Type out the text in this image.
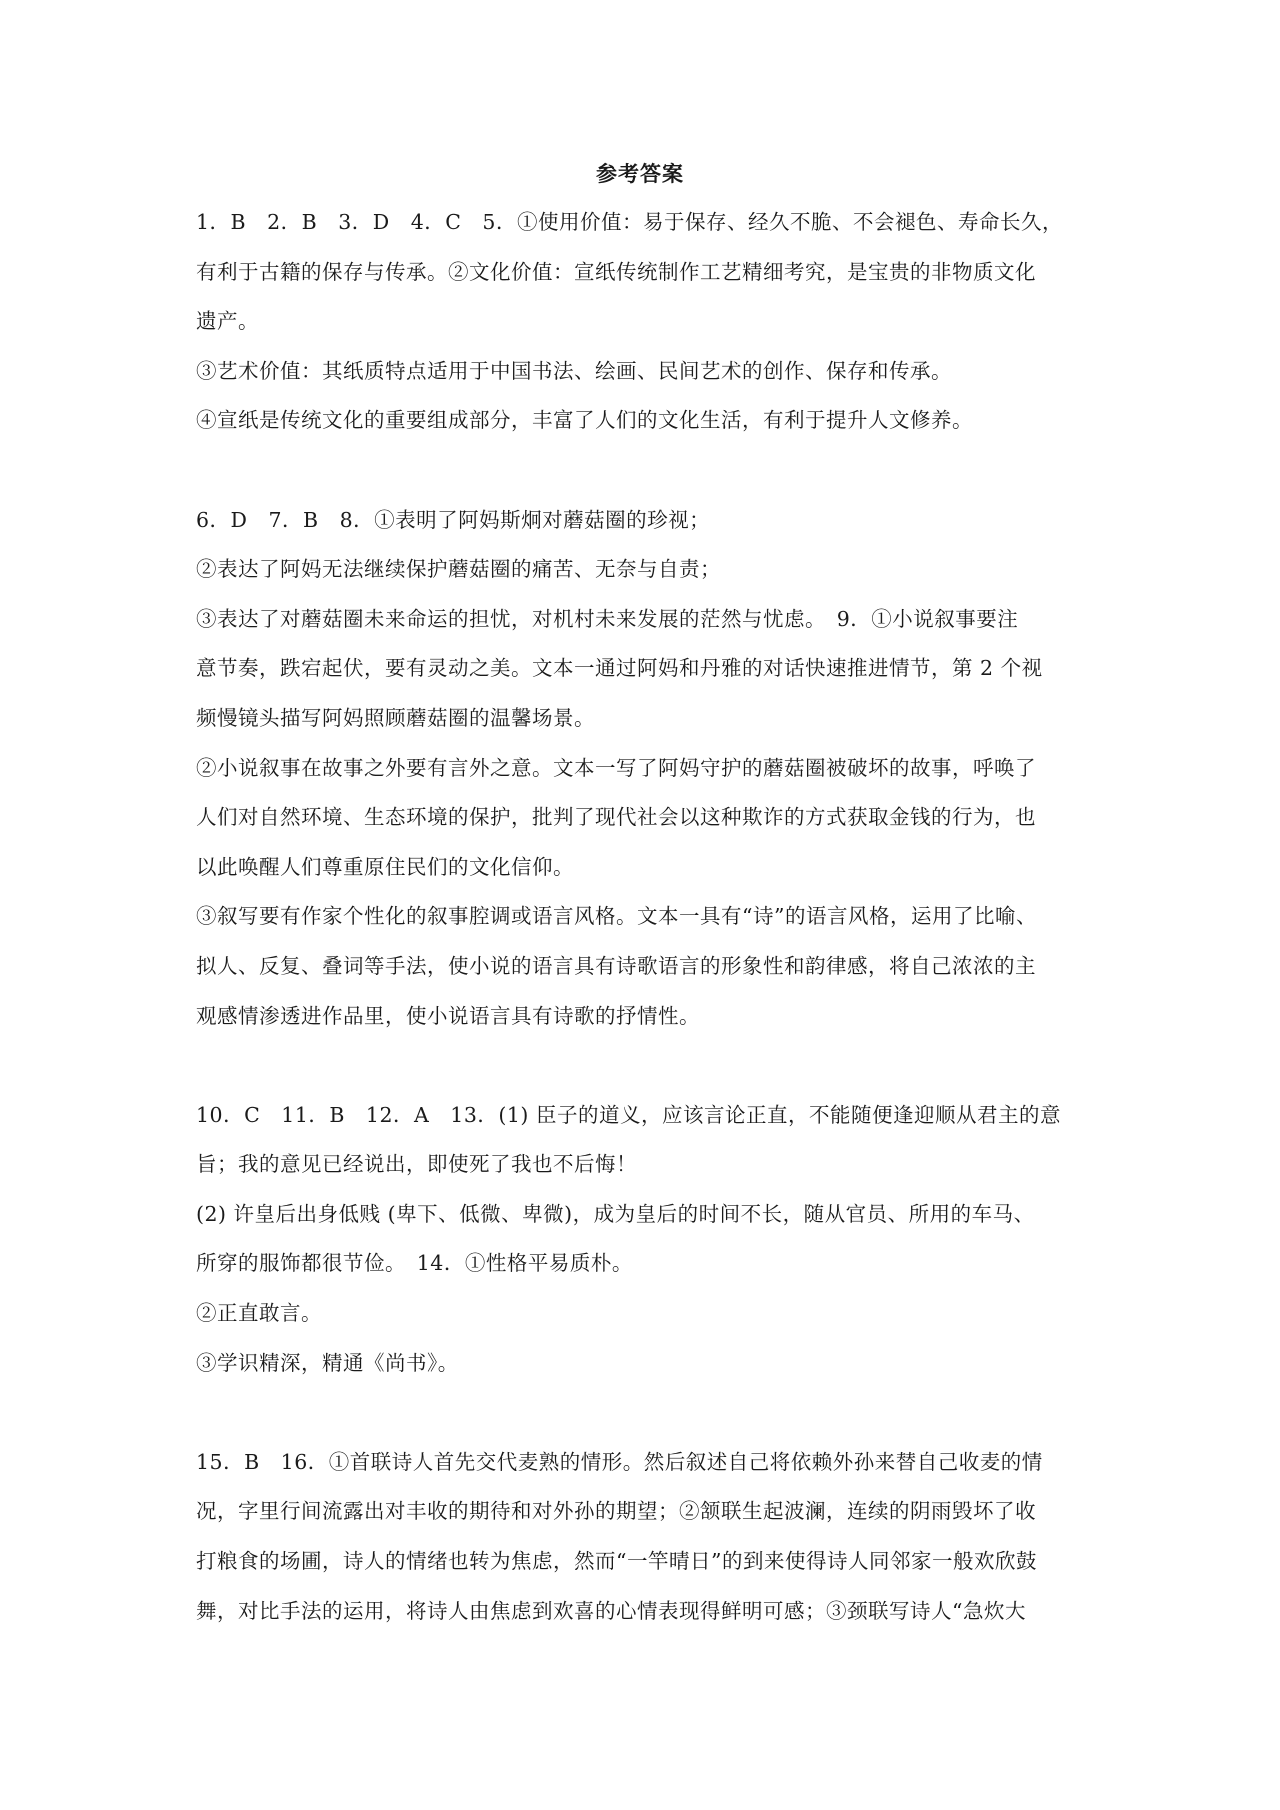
参考答案
1．B　2．B　3．D　4．C　5．①使用价值：易于保存、经久不脆、不会褪色、寿命长久，
有利于古籍的保存与传承。②文化价值：宣纸传统制作工艺精细考究，是宝贵的非物质文化
遗产。
③艺术价值：其纸质特点适用于中国书法、绘画、民间艺术的创作、保存和传承。
④宣纸是传统文化的重要组成部分，丰富了人们的文化生活，有利于提升人文修养。
6．D　7．B　8．①表明了阿妈斯炯对蘑菇圈的珍视；
②表达了阿妈无法继续保护蘑菇圈的痛苦、无奈与自责；
③表达了对蘑菇圈未来命运的担忧，对机村未来发展的茫然与忧虑。　9．①小说叙事要注
意节奏，跌宕起伏，要有灵动之美。文本一通过阿妈和丹雅的对话快速推进情节，第 2 个视
频慢镜头描写阿妈照顾蘑菇圈的温馨场景。
②小说叙事在故事之外要有言外之意。文本一写了阿妈守护的蘑菇圈被破坏的故事，呼唤了
人们对自然环境、生态环境的保护，批判了现代社会以这种欺诈的方式获取金钱的行为，也
以此唤醒人们尊重原住民们的文化信仰。
③叙写要有作家个性化的叙事腔调或语言风格。文本一具有“诗”的语言风格，运用了比喻、
拟人、反复、叠词等手法，使小说的语言具有诗歌语言的形象性和韵律感，将自己浓浓的主
观感情渗透进作品里，使小说语言具有诗歌的抒情性。
10．C　11．B　12．A　13．(1) 臣子的道义，应该言论正直，不能随便逢迎顺从君主的意
旨；我的意见已经说出，即使死了我也不后悔！
(2) 许皇后出身低贱 (卑下、低微、卑微)，成为皇后的时间不长，随从官员、所用的车马、
所穿的服饰都很节俭。　14．①性格平易质朴。
②正直敢言。
③学识精深，精通《尚书》。
15．B　16．①首联诗人首先交代麦熟的情形。然后叙述自己将依赖外孙来替自己收麦的情
况，字里行间流露出对丰收的期待和对外孙的期望；②颔联生起波澜，连续的阴雨毁坏了收
打粮食的场圃，诗人的情绪也转为焦虑，然而“一竿晴日”的到来使得诗人同邻家一般欢欣鼓
舞，对比手法的运用，将诗人由焦虑到欢喜的心情表现得鲜明可感；③颈联写诗人“急炊大
